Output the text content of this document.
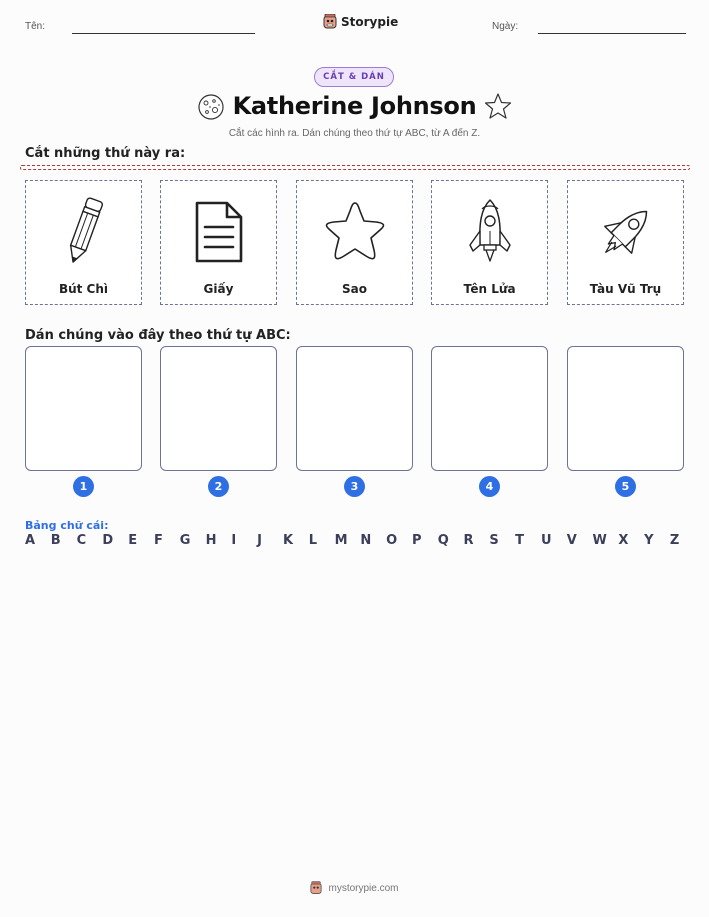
Tên:	Storypie	Ngày:
CẮT & DÁN
Katherine Johnson
Cắt các hình ra. Dán chúng theo thứ tự ABC, từ A đến Z.
Cắt những thứ này ra:
Bút Chì	Giấy	Sao	Tên Lửa	Tàu Vũ Trụ
Dán chúng vào đây theo thứ tự ABC:
1	2	3	4	5
Bảng chữ cái:
A	B	C	D	E	F	G	H	I	J	K	L	M N	O	P	Q	R	S	T	U	V	W X	Y	Z
mystorypie.com
